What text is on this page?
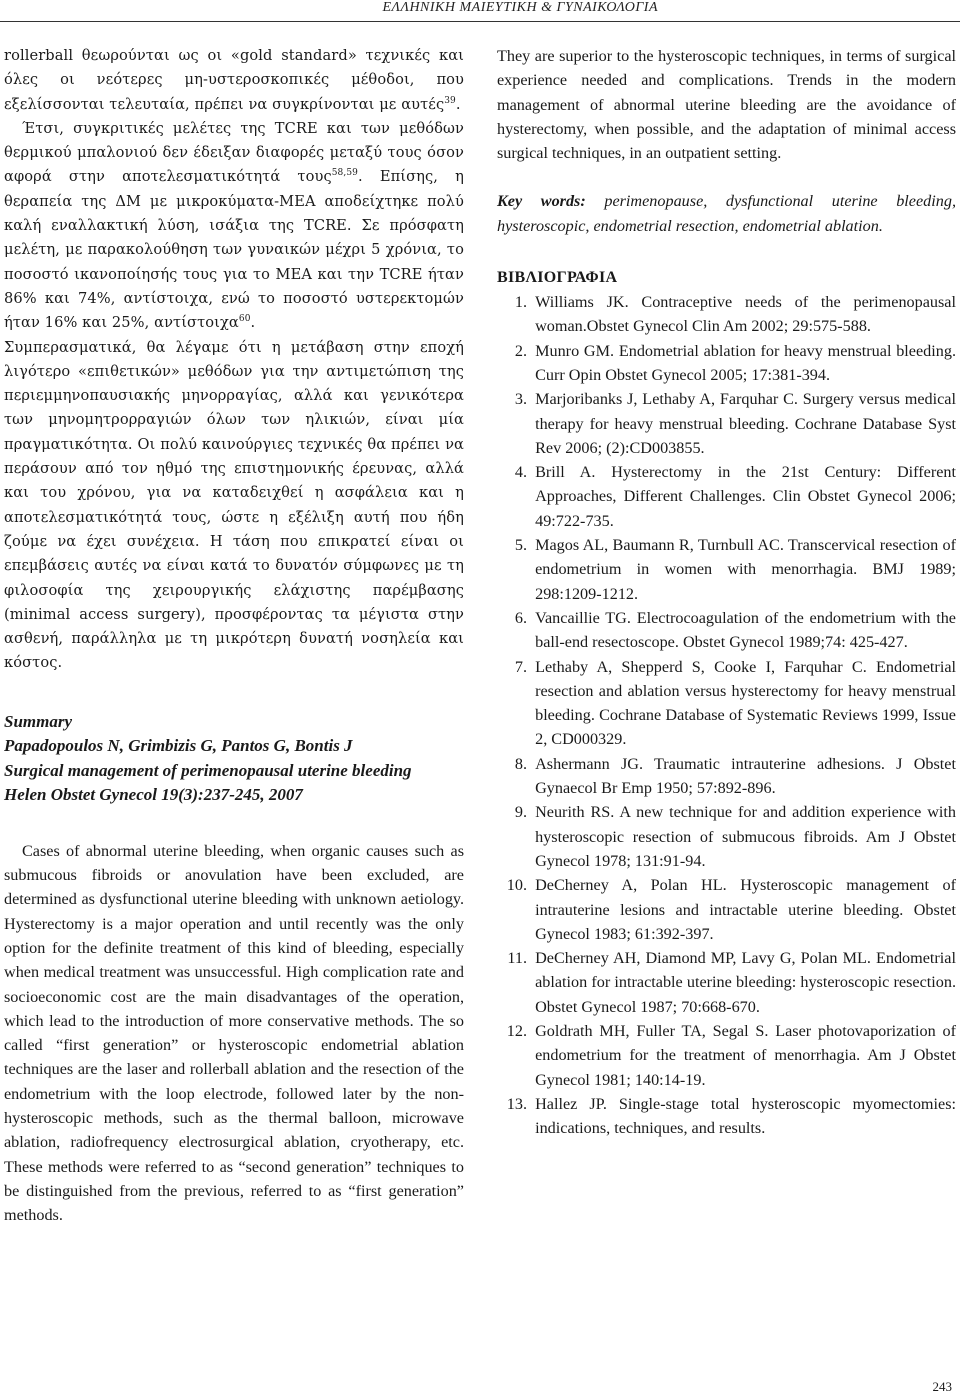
ΕΛΛΗΝΙΚΗ ΜΑΙΕΥΤΙΚΗ & ΓΥΝΑΙΚΟΛΟΓΙΑ

rollerball θεωρούνται ως οι «gold standard» τεχνικές και όλες οι νεότερες μη-υστεροσκοπικές μέθοδοι, που εξελίσσονται τελευταία, πρέπει να συγκρίνονται με αυτές$^{39}$.

Έτσι, συγκριτικές μελέτες της TCRE και των μεθόδων θερμικού μπαλονιού δεν έδειξαν διαφορές μεταξύ τους όσον αφορά στην αποτελεσματικότητά τους$^{58,59}$. Επίσης, η θεραπεία της ΔΜ με μικροκύματα-MEA αποδείχτηκε πολύ καλή εναλλακτική λύση, ισάξια της TCRE. Σε πρόσφατη μελέτη, με παρακολούθηση των γυναικών μέχρι 5 χρόνια, το ποσοστό ικανοποίησής τους για το MEA και την TCRE ήταν 86% και 74%, αντίστοιχα, ενώ το ποσοστό υστερεκτομών ήταν 16% και 25%, αντίστοιχα$^{60}$.

Συμπερασματικά, θα λέγαμε ότι η μετάβαση στην εποχή λιγότερο «επιθετικών» μεθόδων για την αντιμετώπιση της περιεμμηνοπαυσιακής μηνορραγίας, αλλά και γενικότερα των μηνομητρορραγιών όλων των ηλικιών, είναι μία πραγματικότητα. Οι πολύ καινούργιες τεχνικές θα πρέπει να περάσουν από τον ηθμό της επιστημονικής έρευνας, αλλά και του χρόνου, για να καταδειχθεί η ασφάλεια και η αποτελεσματικότητά τους, ώστε η εξέλιξη αυτή που ήδη ζούμε να έχει συνέχεια. Η τάση που επικρατεί είναι οι επεμβάσεις αυτές να είναι κατά το δυνατόν σύμφωνες με τη φιλοσοφία της χειρουργικής ελάχιστης παρέμβασης (minimal access surgery), προσφέροντας τα μέγιστα στην ασθενή, παράλληλα με τη μικρότερη δυνατή νοσηλεία και κόστος.

Summary
Papadopoulos N, Grimbizis G, Pantos G, Bontis J
Surgical management of perimenopausal uterine bleeding
Helen Obstet Gynecol 19(3):237-245, 2007

Cases of abnormal uterine bleeding, when organic causes such as submucous fibroids or anovulation have been excluded, are determined as dysfunctional uterine bleeding with unknown aetiology. Hysterectomy is a major operation and until recently was the only option for the definite treatment of this kind of bleeding, especially when medical treatment was unsuccessful. High complication rate and socioeconomic cost are the main disadvantages of the operation, which lead to the introduction of more conservative methods. The so called “first generation” or hysteroscopic endometrial ablation techniques are the laser and rollerball ablation and the resection of the endometrium with the loop electrode, followed later by the non-hysteroscopic methods, such as the thermal balloon, microwave ablation, radiofrequency electrosurgical ablation, cryotherapy, etc. These methods were referred to as “second generation” techniques to be distinguished from the previous, referred to as “first generation” methods.

They are superior to the hysteroscopic techniques, in terms of surgical experience needed and complications. Trends in the modern management of abnormal uterine bleeding are the avoidance of hysterectomy, when possible, and the adaptation of minimal access surgical techniques, in an outpatient setting.

Key words: perimenopause, dysfunctional uterine bleeding, hysteroscopic, endometrial resection, endometrial ablation.

ΒΙΒΛΙΟΓΡΑΦΙΑ
1.
Williams JK. Contraceptive needs of the perimenopausal woman.Obstet Gynecol Clin Am 2002; 29:575-588.
2.
Munro GM. Endometrial ablation for heavy menstrual bleeding. Curr Opin Obstet Gynecol 2005; 17:381-394.
3.
Marjoribanks J, Lethaby A, Farquhar C. Surgery versus medical therapy for heavy menstrual bleeding. Cochrane Database Syst Rev 2006; (2):CD003855.
4.
Brill A. Hysterectomy in the 21st Century: Different Approaches, Different Challenges. Clin Obstet Gynecol 2006; 49:722-735.
5.
Magos AL, Baumann R, Turnbull AC. Transcervical resection of endometrium in women with menorrhagia. BMJ 1989; 298:1209-1212.
6.
Vancaillie TG. Electrocoagulation of the endometrium with the ball-end resectoscope. Obstet Gynecol 1989;74: 425-427.
7.
Lethaby A, Shepperd S, Cooke I, Farquhar C. Endometrial resection and ablation versus hysterectomy for heavy menstrual bleeding. Cochrane Database of Systematic Reviews 1999, Issue 2, CD000329.
8.
Ashermann JG. Traumatic intrauterine adhesions. J Obstet Gynaecol Br Emp 1950; 57:892-896.
9.
Neurith RS. A new technique for and addition experience with hysteroscopic resection of submucous fibroids. Am J Obstet Gynecol 1978; 131:91-94.
10.
DeCherney A, Polan HL. Hysteroscopic management of intrauterine lesions and intractable uterine bleeding. Obstet Gynecol 1983; 61:392-397.
11.
DeCherney AH, Diamond MP, Lavy G, Polan ML. Endometrial ablation for intractable uterine bleeding: hysteroscopic resection. Obstet Gynecol 1987; 70:668-670.
12.
Goldrath MH, Fuller TA, Segal S. Laser photovaporization of endometrium for the treatment of menorrhagia. Am J Obstet Gynecol 1981; 140:14-19.
13.
Hallez JP. Single-stage total hysteroscopic myomectomies: indications, techniques, and results.
243
